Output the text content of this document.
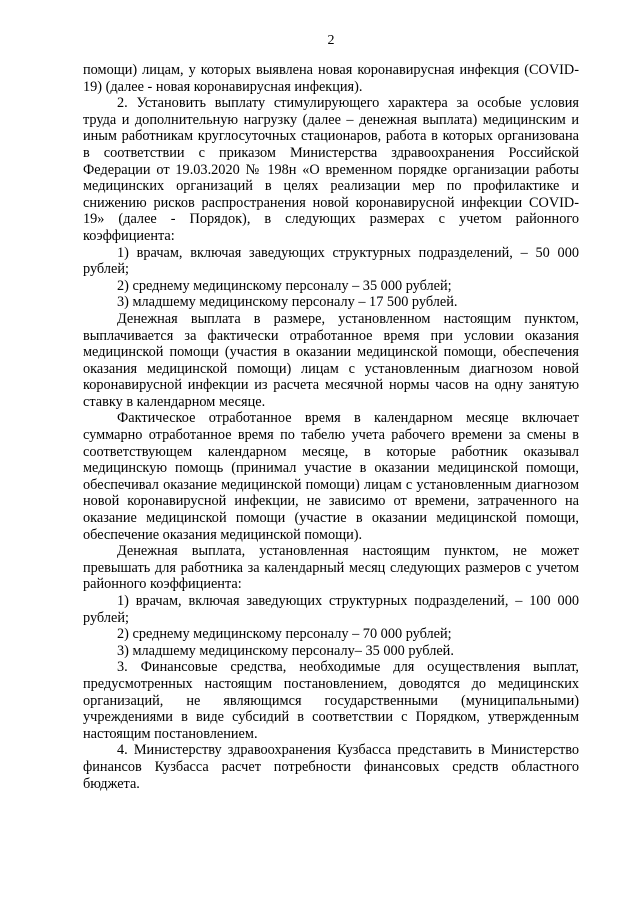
2

помощи) лицам, у которых выявлена новая коронавирусная инфекция (COVID-19) (далее - новая коронавирусная инфекция).

2. Установить выплату стимулирующего характера за особые условия труда и дополнительную нагрузку (далее – денежная выплата) медицинским и иным работникам круглосуточных стационаров, работа в которых организована в соответствии с приказом Министерства здравоохранения Российской Федерации от 19.03.2020 № 198н «О временном порядке организации работы медицинских организаций в целях реализации мер по профилактике и снижению рисков распространения новой коронавирусной инфекции COVID-19» (далее - Порядок), в следующих размерах с учетом районного коэффициента:

1) врачам, включая заведующих структурных подразделений, – 50 000 рублей;

2) среднему медицинскому персоналу – 35 000 рублей;

3) младшему медицинскому персоналу – 17 500 рублей.

Денежная выплата в размере, установленном настоящим пунктом, выплачивается за фактически отработанное время при условии оказания медицинской помощи (участия в оказании медицинской помощи, обеспечения оказания медицинской помощи) лицам с установленным диагнозом новой коронавирусной инфекции из расчета месячной нормы часов на одну занятую ставку в календарном месяце.

Фактическое отработанное время в календарном месяце включает суммарно отработанное время по табелю учета рабочего времени за смены в соответствующем календарном месяце, в которые работник оказывал медицинскую помощь (принимал участие в оказании медицинской помощи, обеспечивал оказание медицинской помощи) лицам с установленным диагнозом новой коронавирусной инфекции, не зависимо от времени, затраченного на оказание медицинской помощи (участие в оказании медицинской помощи, обеспечение оказания медицинской помощи).

Денежная выплата, установленная настоящим пунктом, не может превышать для работника за календарный месяц следующих размеров с учетом районного коэффициента:

1) врачам, включая заведующих структурных подразделений, – 100 000 рублей;

2) среднему медицинскому персоналу – 70 000 рублей;

3) младшему медицинскому персоналу– 35 000 рублей.

3. Финансовые средства, необходимые для осуществления выплат, предусмотренных настоящим постановлением, доводятся до медицинских организаций, не являющимся государственными (муниципальными) учреждениями в виде субсидий в соответствии с Порядком, утвержденным настоящим постановлением.

4. Министерству здравоохранения Кузбасса представить в Министерство финансов Кузбасса расчет потребности финансовых средств областного бюджета.
